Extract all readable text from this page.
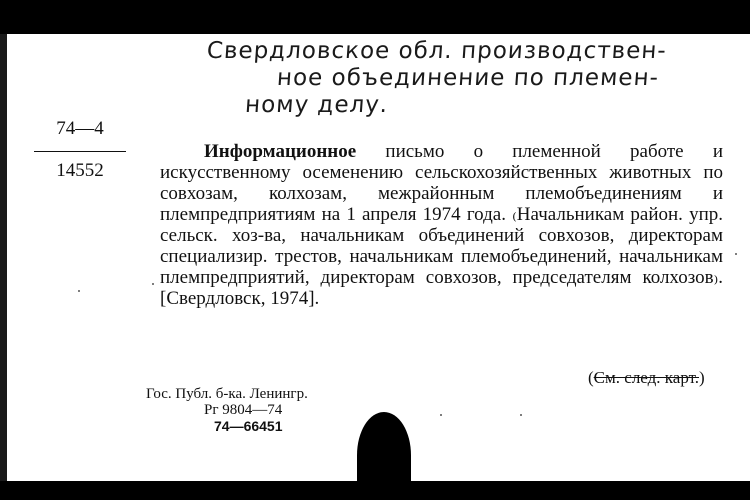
Свердловское обл. производствен-
ное объединение по племен-
ному делу.
74—4
14552
Информационное письмо о племенной работе и искусственному осеменению сельскохозяйственных животных по совхозам, колхозам, межрайонным племобъединениям и племпредприятиям на 1 апреля 1974 года. ₍Начальникам район. упр. сельск. хоз-ва, начальникам объединений совхозов, директорам специализир. трестов, начальникам племобъединений, начальникам племпредприятий, директорам совхозов, председателям колхозов₎. [Свердловск, 1974].
(См. след. карт.)
Гос. Публ. б-ка. Ленингр.
Рг 9804—74
74—66451
